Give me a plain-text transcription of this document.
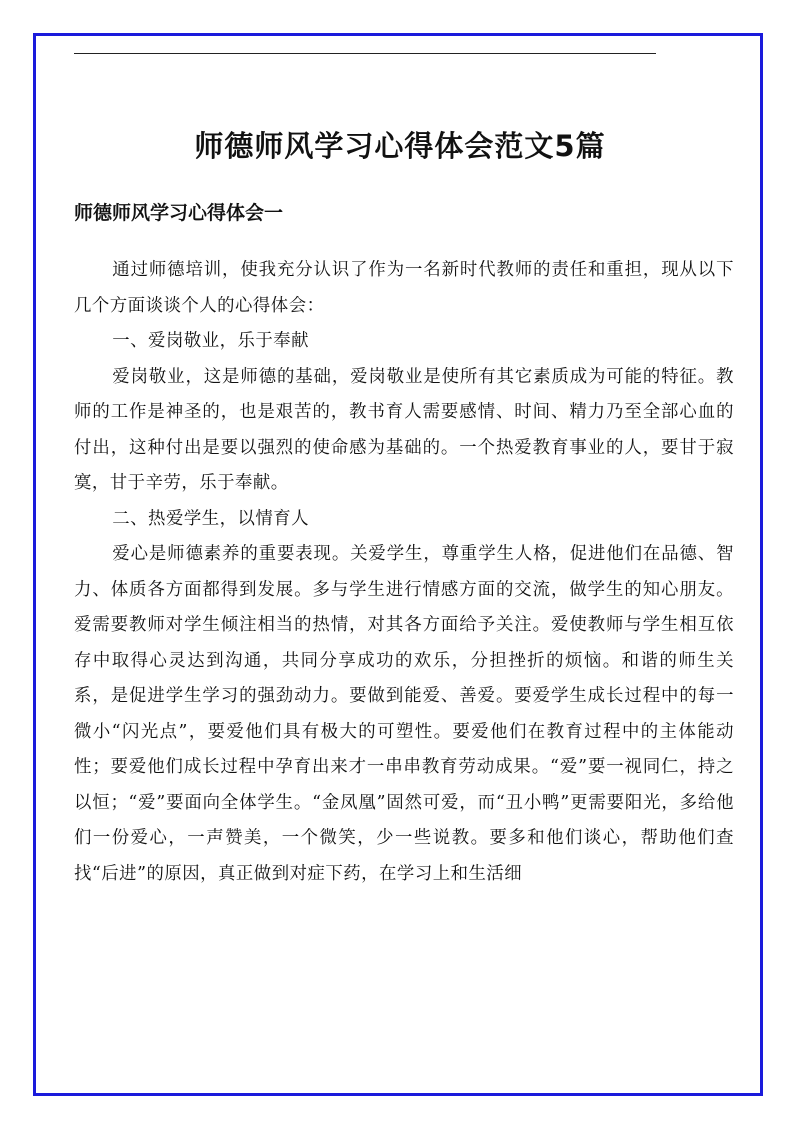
师德师风学习心得体会范文5篇
师德师风学习心得体会一

通过师德培训，使我充分认识了作为一名新时代教师的责任和重担，现从以下几个方面谈谈个人的心得体会：

一、爱岗敬业，乐于奉献

爱岗敬业，这是师德的基础，爱岗敬业是使所有其它素质成为可能的特征。教师的工作是神圣的，也是艰苦的，教书育人需要感情、时间、精力乃至全部心血的付出，这种付出是要以强烈的使命感为基础的。一个热爱教育事业的人，要甘于寂寞，甘于辛劳，乐于奉献。

二、热爱学生，以情育人

爱心是师德素养的重要表现。关爱学生，尊重学生人格，促进他们在品德、智力、体质各方面都得到发展。多与学生进行情感方面的交流，做学生的知心朋友。爱需要教师对学生倾注相当的热情，对其各方面给予关注。爱使教师与学生相互依存中取得心灵达到沟通，共同分享成功的欢乐，分担挫折的烦恼。和谐的师生关系，是促进学生学习的强劲动力。要做到能爱、善爱。要爱学生成长过程中的每一微小“闪光点”，要爱他们具有极大的可塑性。要爱他们在教育过程中的主体能动性；要爱他们成长过程中孕育出来才一串串教育劳动成果。“爱”要一视同仁，持之以恒；“爱”要面向全体学生。“金凤凰”固然可爱，而“丑小鸭”更需要阳光，多给他们一份爱心，一声赞美，一个微笑，少一些说教。要多和他们谈心，帮助他们查找“后进”的原因，真正做到对症下药，在学习上和生活细
